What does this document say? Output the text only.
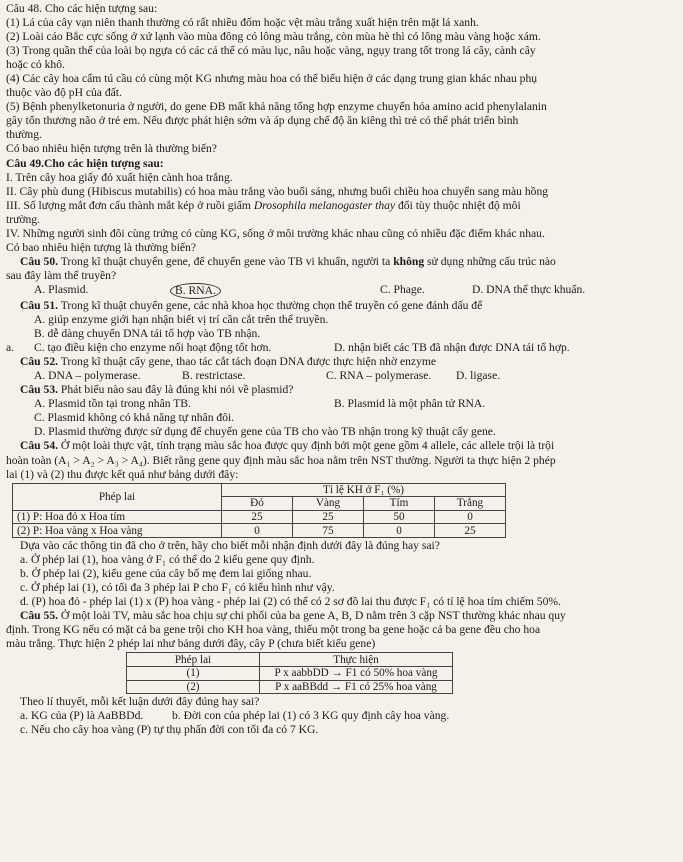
Câu 48. Cho các hiện tượng sau:
(1) Lá của cây vạn niên thanh thường có rất nhiều đốm hoặc vệt màu trắng xuất hiện trên mặt lá xanh.
(2) Loài cáo Bắc cực sống ở xứ lạnh vào mùa đông có lông màu trắng, còn mùa hè thì có lông màu vàng hoặc xám.
(3) Trong quần thể của loài bọ ngựa có các cá thể có màu lục, nâu hoặc vàng, ngụy trang tốt trong lá cây, cành cây
hoặc cỏ khô.
(4) Các cây hoa cẩm tú cầu có cùng một KG nhưng màu hoa có thể biểu hiện ở các dạng trung gian khác nhau phụ
thuộc vào độ pH của đất.
(5) Bệnh phenylketonuria ở người, do gene ĐB mất khả năng tổng hợp enzyme chuyển hóa amino acid phenylalanin
gây tổn thương não ở trẻ em. Nếu được phát hiện sớm và áp dụng chế độ ăn kiêng thì trẻ có thể phát triển bình
thường.
Có bao nhiêu hiện tượng trên là thường biến?
Câu 49.Cho các hiện tượng sau:
I. Trên cây hoa giấy đỏ xuất hiện cành hoa trắng.
II. Cây phù dung (Hibiscus mutabilis) có hoa màu trắng vào buổi sáng, nhưng buổi chiều hoa chuyển sang màu hồng
III. Số lượng mắt đơn cấu thành mắt kép ở ruồi giấm Drosophila melanogaster thay đổi tùy thuộc nhiệt độ môi
trường.
IV. Những người sinh đôi cùng trứng có cùng KG, sống ở môi trường khác nhau cũng có nhiều đặc điểm khác nhau.
Có bao nhiêu hiện tượng là thường biến?
Câu 50. Trong kĩ thuật chuyển gene, để chuyển gene vào TB vi khuẩn, người ta không sử dụng những cấu trúc nào
sau đây làm thể truyền?
A. Plasmid.	B. RNA.	C. Phage.	D. DNA thể thực khuẩn.
Câu 51. Trong kĩ thuật chuyển gene, các nhà khoa học thường chọn thể truyền có gene đánh dấu để
A. giúp enzyme giới hạn nhận biết vị trí cần cắt trên thể truyền.
B. dễ dàng chuyển DNA tái tổ hợp vào TB nhận.
a.	C. tạo điều kiện cho enzyme nối hoạt động tốt hơn.	D. nhận biết các TB đã nhận được DNA tái tổ hợp.
Câu 52. Trong kĩ thuật cấy gene, thao tác cắt tách đoạn DNA được thực hiện nhờ enzyme
A. DNA – polymerase.	B. restrictase.	C. RNA – polymerase.	D. ligase.
Câu 53. Phát biểu nào sau đây là đúng khi nói về plasmid?
A. Plasmid tồn tại trong nhân TB.	B. Plasmid là một phân tử RNA.
C. Plasmid không có khả năng tự nhân đôi.
D. Plasmid thường được sử dụng để chuyển gene của TB cho vào TB nhận trong kỹ thuật cấy gene.
Câu 54. Ở một loài thực vật, tính trạng màu sắc hoa được quy định bởi một gene gồm 4 allele, các allele trội là trội
hoàn toàn (A₁ > A₂ > A₃ > A₄). Biết rằng gene quy định màu sắc hoa nằm trên NST thường. Người ta thực hiện 2 phép
lai (1) và (2) thu được kết quả như bảng dưới đây:
Phép lai	Tỉ lệ KH ở F₁ (%)			
	Đỏ	Vàng	Tím	Trắng
(1) P: Hoa đỏ x Hoa tím	25	25	50	0
(2) P: Hoa vàng x Hoa vàng	0	75	0	25
Dựa vào các thông tin đã cho ở trên, hãy cho biết mỗi nhận định dưới đây là đúng hay sai?
a. Ở phép lai (1), hoa vàng ở F₁ có thể do 2 kiểu gene quy định.
b. Ở phép lai (2), kiểu gene của cây bố mẹ đem lai giống nhau.
c. Ở phép lai (1), có tối đa 3 phép lai P cho F₁ có kiểu hình như vậy.
d. (P) hoa đỏ - phép lai (1) x (P) hoa vàng - phép lai (2) có thể có 2 sơ đồ lai thu được F₁ có tỉ lệ hoa tím chiếm 50%.
Câu 55. Ở một loài TV, màu sắc hoa chịu sự chi phối của ba gene A, B, D nằm trên 3 cặp NST thường khác nhau quy
định. Trong KG nếu có mặt cả ba gene trội cho KH hoa vàng, thiếu một trong ba gene hoặc cả ba gene đều cho hoa
màu trắng. Thực hiện 2 phép lai như bảng dưới đây, cây P (chưa biết kiểu gene)
Phép lai	Thực hiện
(1)	P x aabbDD → F1 có 50% hoa vàng
(2)	P x aaBBdd → F1 có 25% hoa vàng
Theo lí thuyết, mỗi kết luận dưới đây đúng hay sai?
a. KG của (P) là AaBBDd.	b. Đời con của phép lai (1) có 3 KG quy định cây hoa vàng.
c. Nếu cho cây hoa vàng (P) tự thụ phấn đời con tối đa có 7 KG.
